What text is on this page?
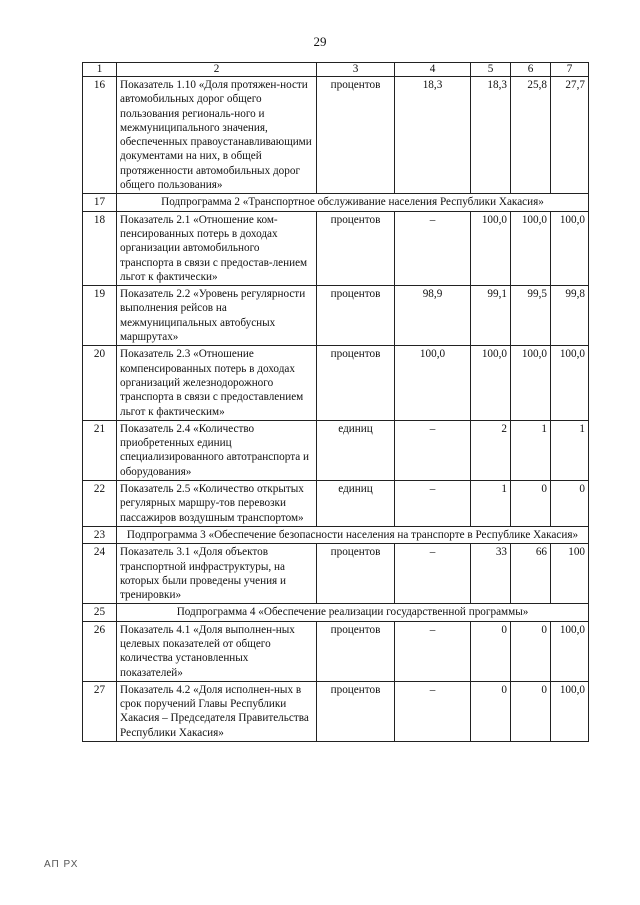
29
1	2	3	4	5	6	7
16	Показатель 1.10 «Доля протяжен-ности автомобильных дорог общего пользования региональ-ного и межмуниципального значения, обеспеченных правоустанавливающими документами на них, в общей протяженности автомобильных дорог общего пользования»	процентов	18,3	18,3	25,8	27,7
17	Подпрограмма 2 «Транспортное обслуживание населения Республики Хакасия»					
18	Показатель 2.1 «Отношение ком-пенсированных потерь в доходах организации автомобильного транспорта в связи с предостав-лением льгот к фактически»	процентов	–	100,0	100,0	100,0
19	Показатель 2.2 «Уровень регулярности выполнения рейсов на межмуниципальных автобусных маршрутах»	процентов	98,9	99,1	99,5	99,8
20	Показатель 2.3 «Отношение компенсированных потерь в доходах организаций железнодорожного транспорта в связи с предоставлением льгот к фактическим»	процентов	100,0	100,0	100,0	100,0
21	Показатель 2.4 «Количество приобретенных единиц специализированного автотранспорта и оборудования»	единиц	–	2	1	1
22	Показатель 2.5 «Количество открытых регулярных маршру-тов перевозки пассажиров воздушным транспортом»	единиц	–	1	0	0
23	Подпрограмма 3 «Обеспечение безопасности населения на транспорте в Республике Хакасия»					
24	Показатель 3.1 «Доля объектов транспортной инфраструктуры, на которых были проведены учения и тренировки»	процентов	–	33	66	100
25	Подпрограмма 4 «Обеспечение реализации государственной программы»					
26	Показатель 4.1 «Доля выполнен-ных целевых показателей от общего количества установленных показателей»	процентов	–	0	0	100,0
27	Показатель 4.2 «Доля исполнен-ных в срок поручений Главы Республики Хакасия – Председателя Правительства Республики Хакасия»	процентов	–	0	0	100,0
АП РХ
